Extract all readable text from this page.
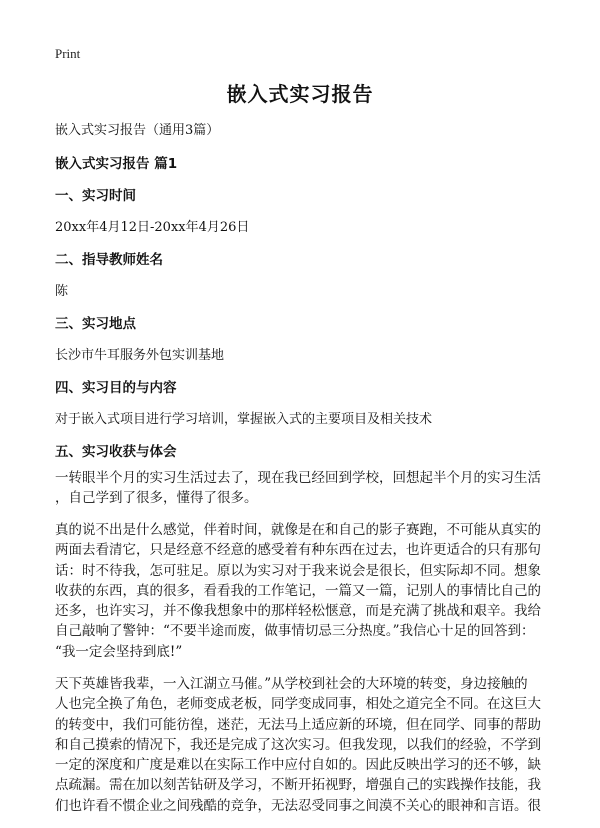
Print
嵌入式实习报告
嵌入式实习报告（通用3篇）
嵌入式实习报告 篇1
一、实习时间
20xx年4月12日-20xx年4月26日
二、指导教师姓名
陈
三、实习地点
长沙市牛耳服务外包实训基地
四、实习目的与内容
对于嵌入式项目进行学习培训，掌握嵌入式的主要项目及相关技术
五、实习收获与体会
一转眼半个月的实习生活过去了，现在我已经回到学校，回想起半个月的实习生活
，自己学到了很多，懂得了很多。
真的说不出是什么感觉，伴着时间，就像是在和自己的影子赛跑，不可能从真实的
两面去看清它，只是经意不经意的感受着有种东西在过去，也许更适合的只有那句
话：时不待我，怎可驻足。原以为实习对于我来说会是很长，但实际却不同。想象
收获的东西，真的很多，看看我的工作笔记，一篇又一篇，记别人的事情比自己的
还多，也许实习，并不像我想象中的那样轻松惬意，而是充满了挑战和艰辛。我给
自己敲响了警钟：“不要半途而废，做事情切忌三分热度。”我信心十足的回答到：
“我一定会坚持到底!”
天下英雄皆我辈，一入江湖立马催。”从学校到社会的大环境的转变，身边接触的
人也完全换了角色，老师变成老板，同学变成同事，相处之道完全不同。在这巨大
的转变中，我们可能彷徨，迷茫，无法马上适应新的环境，但在同学、同事的帮助
和自己摸索的情况下，我还是完成了这次实习。但我发现，以我们的经验，不学到
一定的深度和广度是难以在实际工作中应付自如的。因此反映出学习的还不够，缺
点疏漏。需在加以刻苦钻研及学习，不断开拓视野，增强自己的实践操作技能，我
们也许看不惯企业之间残酷的竞争，无法忍受同事之间漠不关心的眼神和言语。很
